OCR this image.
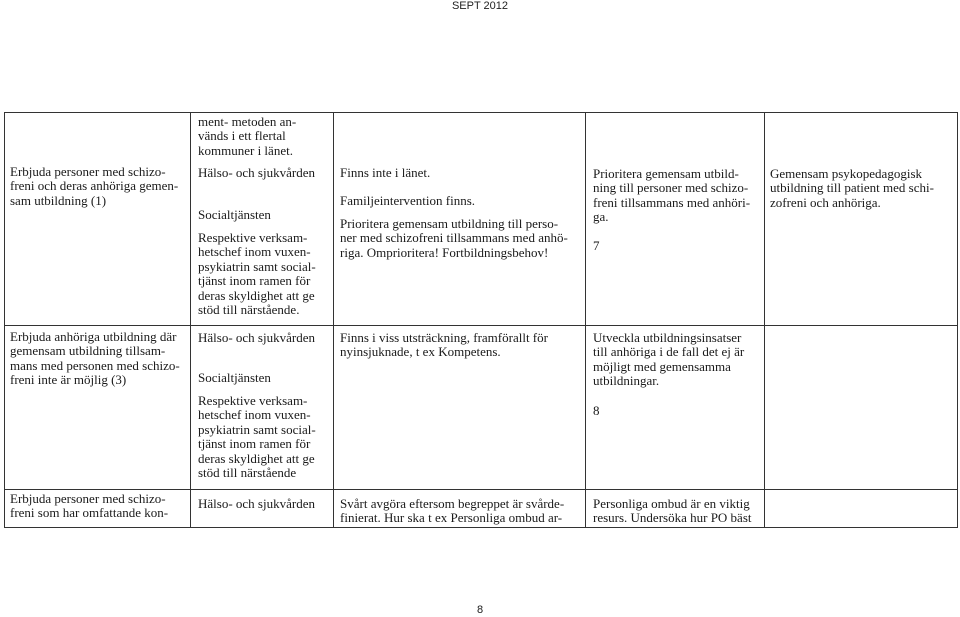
SEPT 2012
Erbjuda personer med schizo-
freni och deras anhöriga gemen-
sam utbildning (1)
ment- metoden an-
vänds i ett flertal
kommuner i länet.
Hälso- och sjukvården
Socialtjänsten
Respektive verksam-
hetschef inom vuxen-
psykiatrin samt social-
tjänst inom ramen för
deras skyldighet att ge
stöd till närstående.
Finns inte i länet.
Familjeintervention finns.
Prioritera gemensam utbildning till perso-
ner med schizofreni tillsammans med anhö-
riga. Omprioritera! Fortbildningsbehov!
Prioritera gemensam utbild-
ning till personer med schizo-
freni tillsammans med anhöri-
ga.
7
Gemensam psykopedagogisk
utbildning till patient med schi-
zofreni och anhöriga.
Erbjuda anhöriga utbildning där
gemensam utbildning tillsam-
mans med personen med schizo-
freni inte är möjlig (3)
Hälso- och sjukvården
Socialtjänsten
Respektive verksam-
hetschef inom vuxen-
psykiatrin samt social-
tjänst inom ramen för
deras skyldighet att ge
stöd till närstående
Finns i viss utsträckning, framförallt för
nyinsjuknade, t ex Kompetens.
Utveckla utbildningsinsatser
till anhöriga i de fall det ej är
möjligt med gemensamma
utbildningar.
8
Erbjuda personer med schizo-
freni som har omfattande kon-
Hälso- och sjukvården	Svårt avgöra eftersom begreppet är svårde-
finierat. Hur ska t ex Personliga ombud ar-
Personliga ombud är en viktig
resurs. Undersöka hur PO bäst
8
